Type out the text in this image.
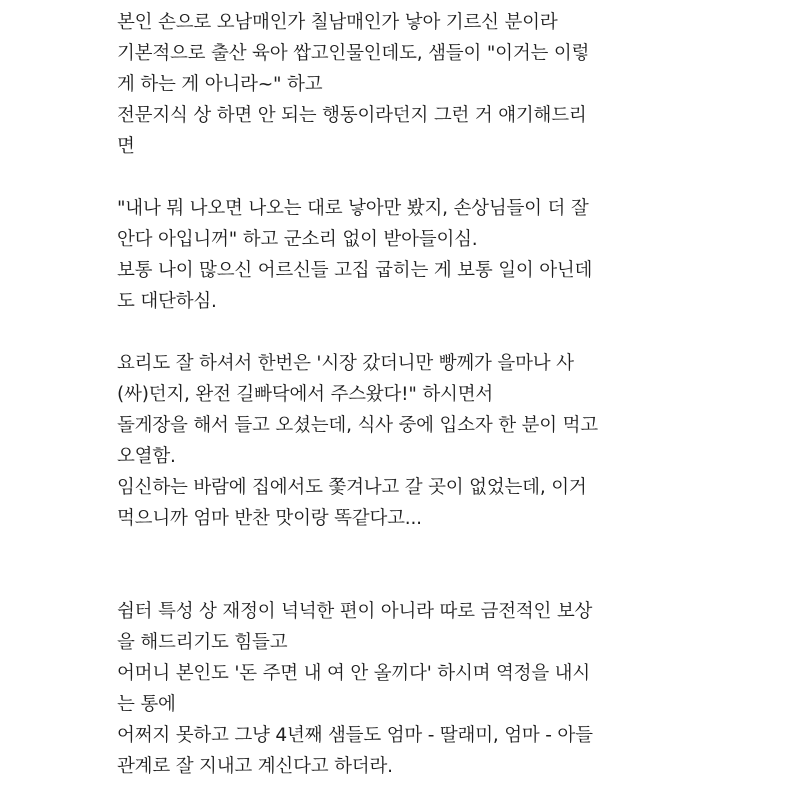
본인 손으로 오남매인가 칠남매인가 낳아 기르신 분이라
기본적으로 출산 육아 쌉고인물인데도, 샘들이 "이거는 이렇
게 하는 게 아니라~" 하고
전문지식 상 하면 안 되는 행동이라던지 그런 거 얘기해드리
면
"내나 뭐 나오면 나오는 대로 낳아만 봤지, 손상님들이 더 잘
안다 아입니꺼" 하고 군소리 없이 받아들이심.
보통 나이 많으신 어르신들 고집 굽히는 게 보통 일이 아닌데
도 대단하심.
요리도 잘 하셔서 한번은 '시장 갔더니만 빵께가 을마나 사
(싸)던지, 완전 길빠닥에서 주스왔다!" 하시면서
돌게장을 해서 들고 오셨는데, 식사 중에 입소자 한 분이 먹고
오열함.
임신하는 바람에 집에서도 쫓겨나고 갈 곳이 없었는데, 이거
먹으니까 엄마 반찬 맛이랑 똑같다고...
쉼터 특성 상 재정이 넉넉한 편이 아니라 따로 금전적인 보상
을 해드리기도 힘들고
어머니 본인도 '돈 주면 내 여 안 올끼다' 하시며 역정을 내시
는 통에
어쩌지 못하고 그냥 4년째 샘들도 엄마 - 딸래미, 엄마 - 아들
관계로 잘 지내고 계신다고 하더라.
